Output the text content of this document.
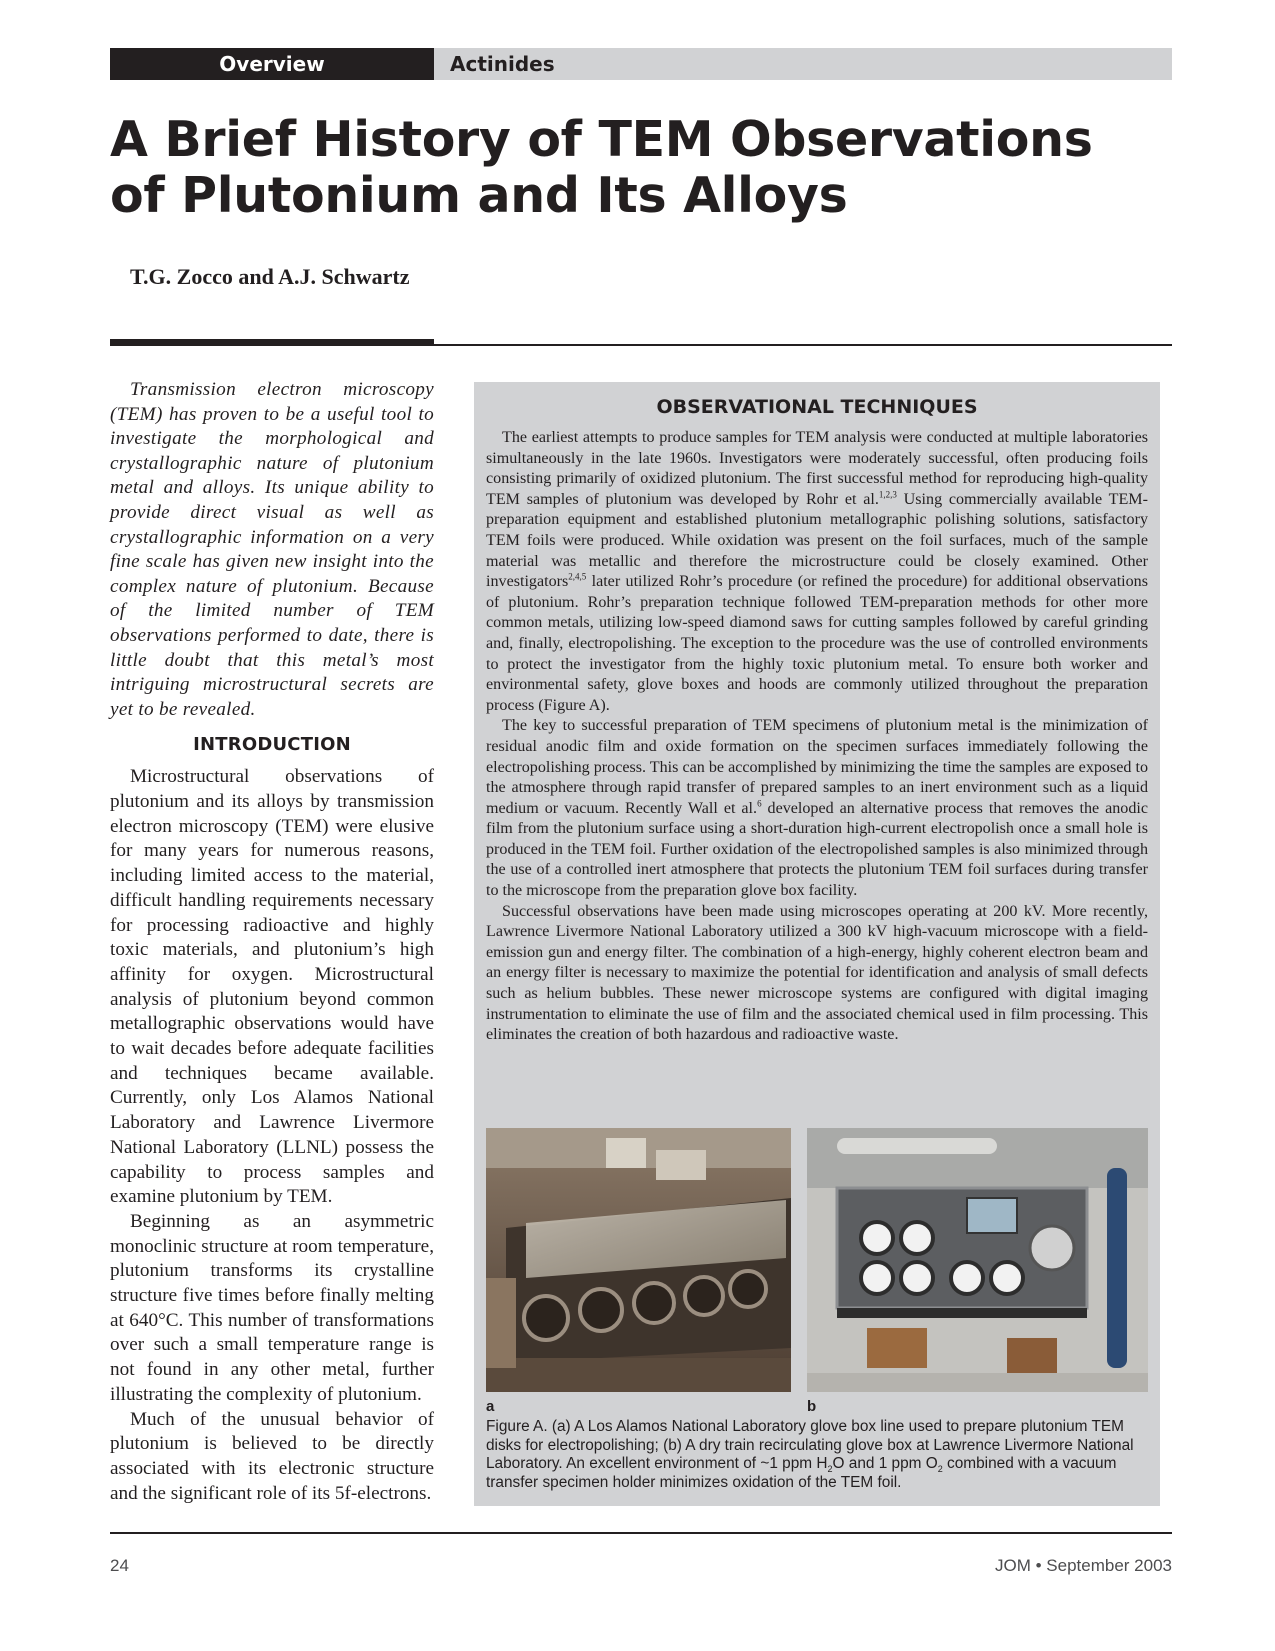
Overview	Actinides
A Brief History of TEM Observations
of Plutonium and Its Alloys
T.G. Zocco and A.J. Schwartz

Transmission electron microscopy (TEM) has proven to be a useful tool to investigate the morphological and crystallographic nature of plutonium metal and alloys. Its unique ability to provide direct visual as well as crystallographic information on a very fine scale has given new insight into the complex nature of plutonium. Because of the limited number of TEM observations performed to date, there is little doubt that this metal’s most intriguing microstructural secrets are yet to be revealed.

INTRODUCTION

Microstructural observations of plutonium and its alloys by transmission electron microscopy (TEM) were elusive for many years for numerous reasons, including limited access to the material, difficult handling requirements necessary for processing radioactive and highly toxic materials, and plutonium’s high affinity for oxygen. Microstructural analysis of plutonium beyond common metallographic observations would have to wait decades before adequate facilities and techniques became available. Currently, only Los Alamos National Laboratory and Lawrence Livermore National Laboratory (LLNL) possess the capability to process samples and examine plutonium by TEM.

Beginning as an asymmetric monoclinic structure at room temperature, plutonium transforms its crystalline structure five times before finally melting at 640°C. This number of transformations over such a small temperature range is not found in any other metal, further illustrating the complexity of plutonium.

Much of the unusual behavior of plutonium is believed to be directly associated with its electronic structure and the significant role of its 5f-electrons.

OBSERVATIONAL TECHNIQUES

The earliest attempts to produce samples for TEM analysis were conducted at multiple laboratories simultaneously in the late 1960s. Investigators were moderately successful, often producing foils consisting primarily of oxidized plutonium. The first successful method for reproducing high-quality TEM samples of plutonium was developed by Rohr et al.$^{1,2,3}$ Using commercially available TEM-preparation equipment and established plutonium metallographic polishing solutions, satisfactory TEM foils were produced. While oxidation was present on the foil surfaces, much of the sample material was metallic and therefore the microstructure could be closely examined. Other investigators$^{2,4,5}$ later utilized Rohr’s procedure (or refined the procedure) for additional observations of plutonium. Rohr’s preparation technique followed TEM-preparation methods for other more common metals, utilizing low-speed diamond saws for cutting samples followed by careful grinding and, finally, electropolishing. The exception to the procedure was the use of controlled environments to protect the investigator from the highly toxic plutonium metal. To ensure both worker and environmental safety, glove boxes and hoods are commonly utilized throughout the preparation process (Figure A).

The key to successful preparation of TEM specimens of plutonium metal is the minimization of residual anodic film and oxide formation on the specimen surfaces immediately following the electropolishing process. This can be accomplished by minimizing the time the samples are exposed to the atmosphere through rapid transfer of prepared samples to an inert environment such as a liquid medium or vacuum. Recently Wall et al.$^6$ developed an alternative process that removes the anodic film from the plutonium surface using a short-duration high-current electropolish once a small hole is produced in the TEM foil. Further oxidation of the electropolished samples is also minimized through the use of a controlled inert atmosphere that protects the plutonium TEM foil surfaces during transfer to the microscope from the preparation glove box facility.

Successful observations have been made using microscopes operating at 200 kV. More recently, Lawrence Livermore National Laboratory utilized a 300 kV high-vacuum microscope with a field-emission gun and energy filter. The combination of a high-energy, highly coherent electron beam and an energy filter is necessary to maximize the potential for identification and analysis of small defects such as helium bubbles. These newer microscope systems are configured with digital imaging instrumentation to eliminate the use of film and the associated chemical used in film processing. This eliminates the creation of both hazardous and radioactive waste.

a	b

Figure A. (a) A Los Alamos National Laboratory glove box line used to prepare plutonium TEM disks for electropolishing; (b) A dry train recirculating glove box at Lawrence Livermore National Laboratory. An excellent environment of ~1 ppm $H_2O$ and 1 ppm $O_2$ combined with a vacuum transfer specimen holder minimizes oxidation of the TEM foil.

24	JOM • September 2003
